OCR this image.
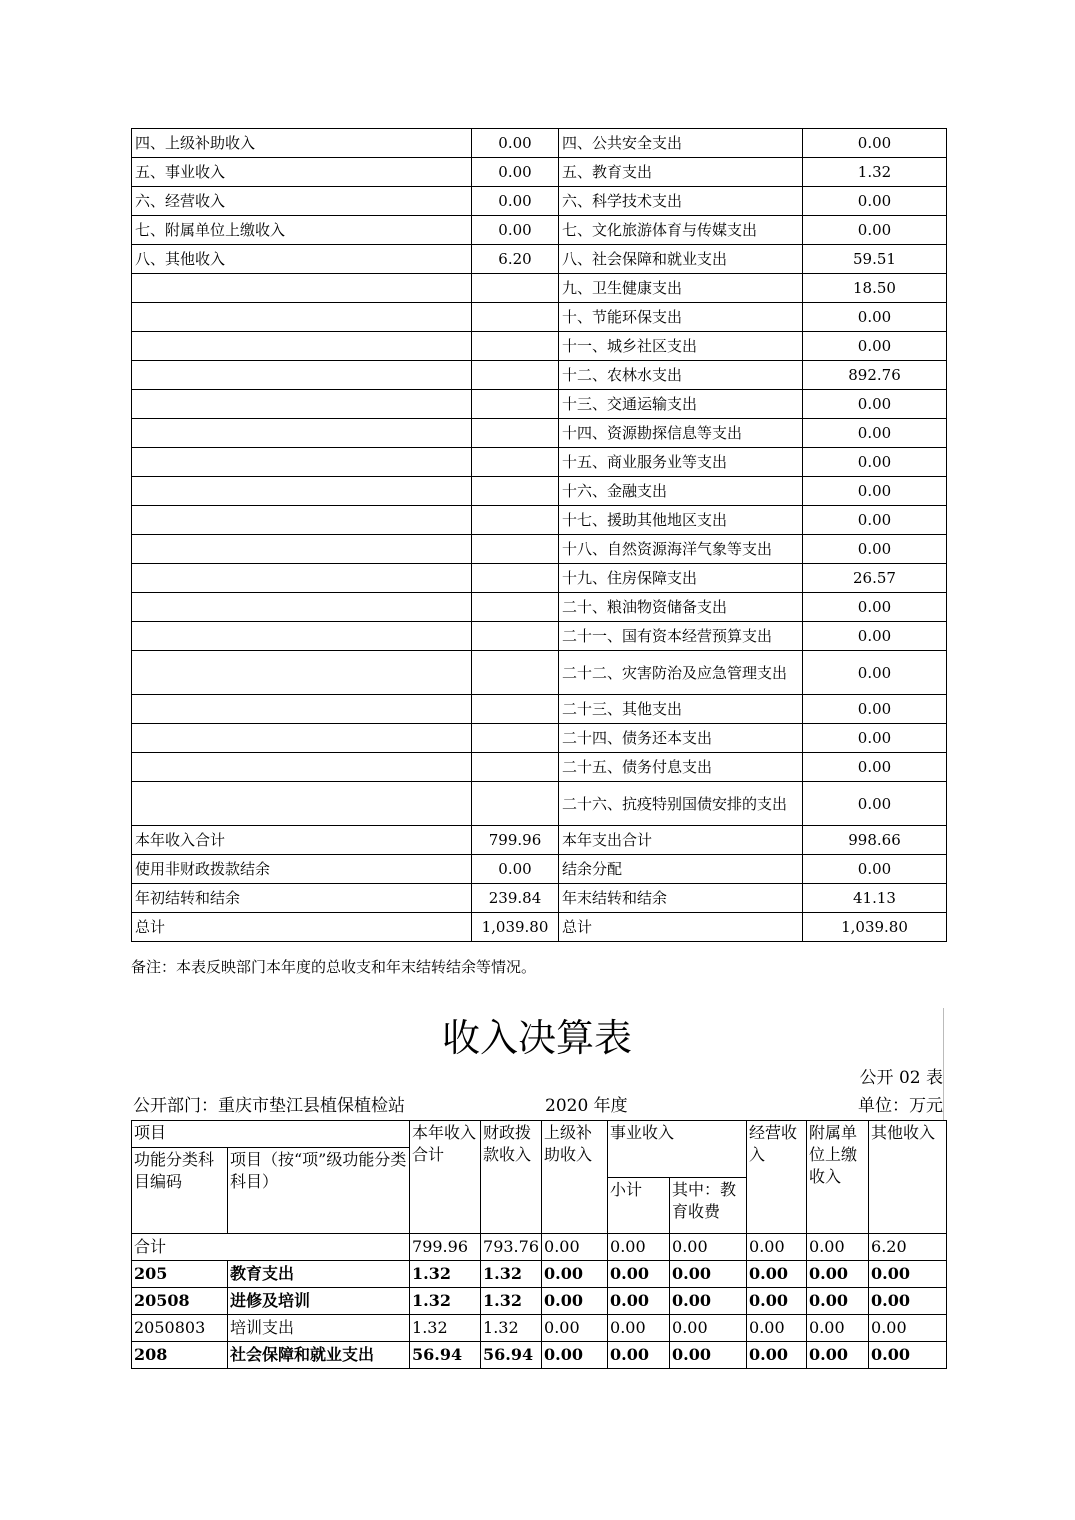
四、上级补助收入	0.00	四、公共安全支出	0.00
五、事业收入	0.00	五、教育支出	1.32
六、经营收入	0.00	六、科学技术支出	0.00
七、附属单位上缴收入	0.00	七、文化旅游体育与传媒支出	0.00
八、其他收入	6.20	八、社会保障和就业支出	59.51
		九、卫生健康支出	18.50
		十、节能环保支出	0.00
		十一、城乡社区支出	0.00
		十二、农林水支出	892.76
		十三、交通运输支出	0.00
		十四、资源勘探信息等支出	0.00
		十五、商业服务业等支出	0.00
		十六、金融支出	0.00
		十七、援助其他地区支出	0.00
		十八、自然资源海洋气象等支出	0.00
		十九、住房保障支出	26.57
		二十、粮油物资储备支出	0.00
		二十一、国有资本经营预算支出	0.00
		二十二、灾害防治及应急管理支出	0.00
		二十三、其他支出	0.00
		二十四、债务还本支出	0.00
		二十五、债务付息支出	0.00
		二十六、抗疫特别国债安排的支出	0.00
本年收入合计	799.96	本年支出合计	998.66
使用非财政拨款结余	0.00	结余分配	0.00
年初结转和结余	239.84	年末结转和结余	41.13
总计	1,039.80	总计	1,039.80
备注：本表反映部门本年度的总收支和年末结转结余等情况。
收入决算表
公开 02 表
公开部门：重庆市垫江县植保植检站	2020 年度	单位：万元
项目		本年收入合计	财政拨款收入	上级补助收入	事业收入		经营收入	附属单位上缴收入	其他收入
功能分类科目编码	项目（按“项”级功能分类科目）								
					小计	其中：教育收费			
合计		799.96	793.76	0.00	0.00	0.00	0.00	0.00	6.20
205	教育支出	1.32	1.32	0.00	0.00	0.00	0.00	0.00	0.00
20508	进修及培训	1.32	1.32	0.00	0.00	0.00	0.00	0.00	0.00
2050803	培训支出	1.32	1.32	0.00	0.00	0.00	0.00	0.00	0.00
208	社会保障和就业支出	56.94	56.94	0.00	0.00	0.00	0.00	0.00	0.00
